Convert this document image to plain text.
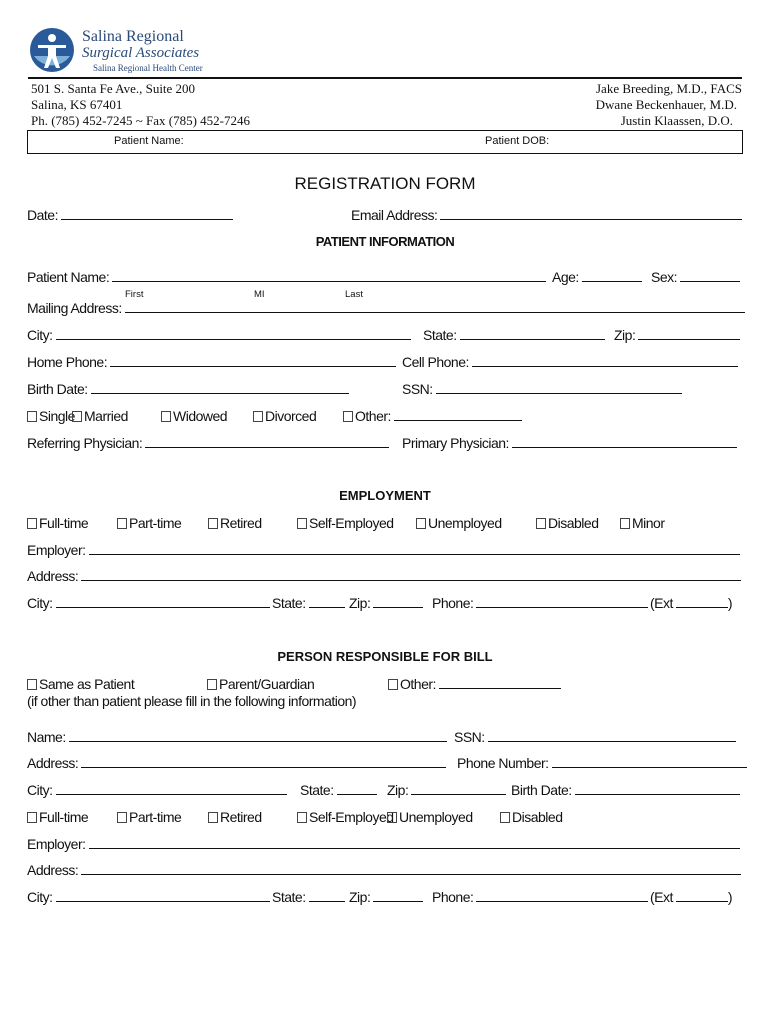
Salina Regional
Surgical Associates
Salina Regional Health Center
501 S. Santa Fe Ave., Suite 200
Salina, KS 67401
Ph. (785) 452-7245 ~ Fax (785) 452-7246
Jake Breeding, M.D., FACS
Dwane Beckenhauer, M.D.
Justin Klaassen, D.O.
Patient Name:	Patient DOB:
REGISTRATION FORM
Date:	Email Address:
PATIENT INFORMATION
Patient Name:	Age:	Sex:
First	MI	Last
Mailing Address:
City:	State:	Zip:
Home Phone:	Cell Phone:
Birth Date:	SSN:
Single Married	Widowed	Divorced	Other:
Referring Physician:	Primary Physician:
EMPLOYMENT
Full-time	Part-time	Retired	Self-Employed	Unemployed	Disabled	Minor
Employer:
Address:
City:	State:	Zip:	Phone:	(Ext	)
PERSON RESPONSIBLE FOR BILL
Same as Patient	Parent/Guardian	Other:
(if other than patient please fill in the following information)
Name:	SSN:
Address:	Phone Number:
City:	State:	Zip:	Birth Date:
Full-time	Part-time	Retired	Self-Employed Unemployed	Disabled
Employer:
Address:
City:	State:	Zip:	Phone:	(Ext	)
